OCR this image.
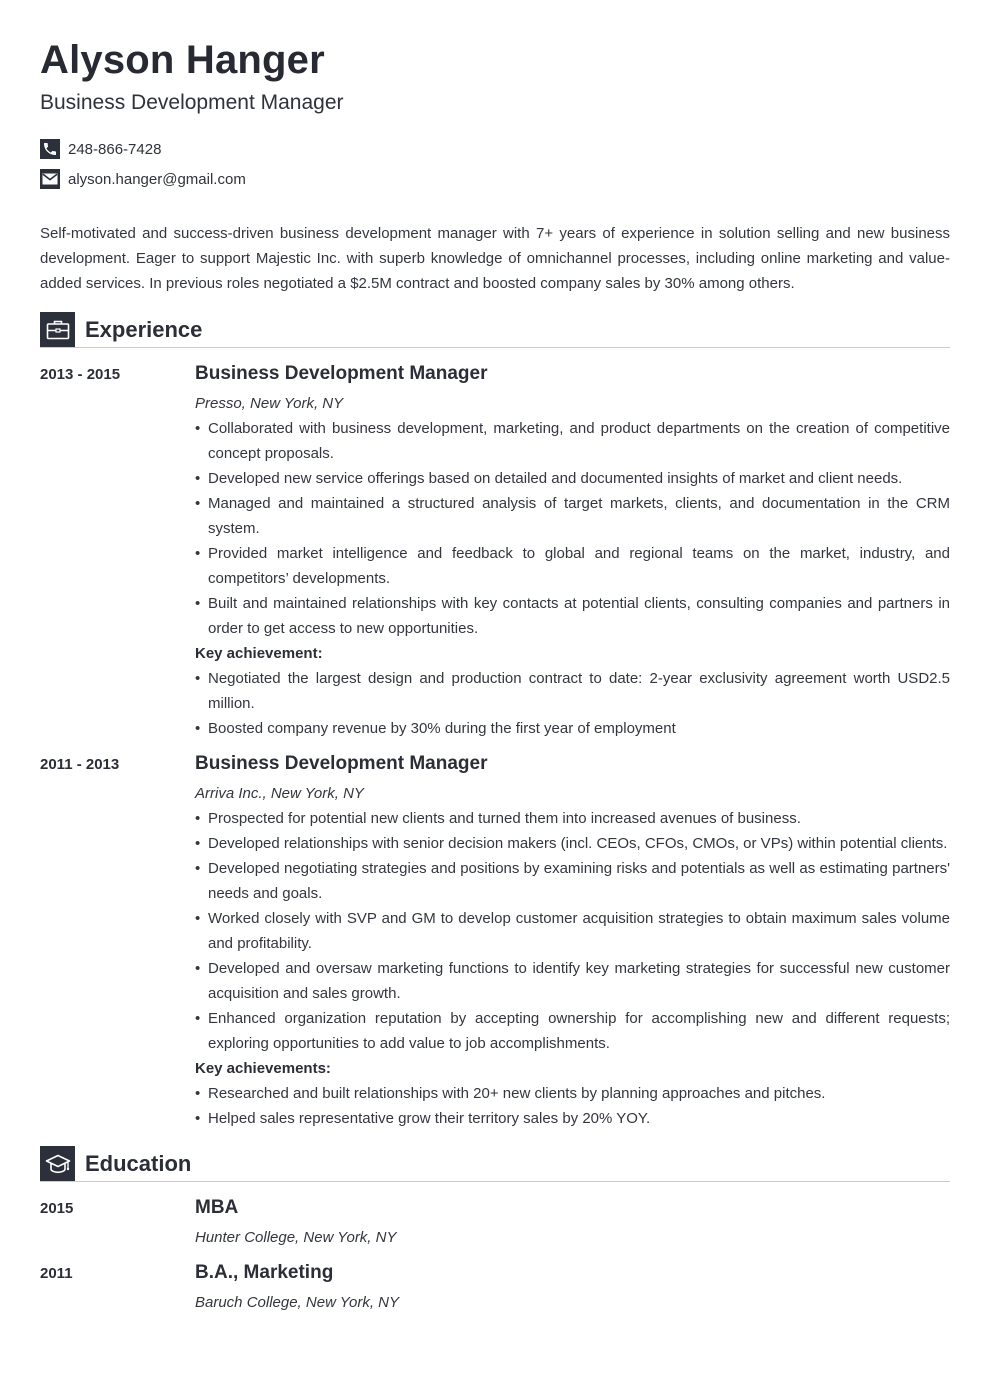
Alyson Hanger
Business Development Manager
248-866-7428
alyson.hanger@gmail.com

Self-motivated and success-driven business development manager with 7+ years of experience in solution selling and new business development. Eager to support Majestic Inc. with superb knowledge of omnichannel processes, including online marketing and value-added services. In previous roles negotiated a $2.5M contract and boosted company sales by 30% among others.

Experience
2013 - 2015	Business Development Manager
Presso, New York, NY
• Collaborated with business development, marketing, and product departments on the creation of competitive concept proposals.
• Developed new service offerings based on detailed and documented insights of market and client needs.
• Managed and maintained a structured analysis of target markets, clients, and documentation in the CRM system.
• Provided market intelligence and feedback to global and regional teams on the market, industry, and competitors’ developments.
• Built and maintained relationships with key contacts at potential clients, consulting companies and partners in order to get access to new opportunities.
Key achievement:
• Negotiated the largest design and production contract to date: 2-year exclusivity agreement worth USD2.5 million.
• Boosted company revenue by 30% during the first year of employment
2011 - 2013	Business Development Manager
Arriva Inc., New York, NY
• Prospected for potential new clients and turned them into increased avenues of business.
• Developed relationships with senior decision makers (incl. CEOs, CFOs, CMOs, or VPs) within potential clients.
• Developed negotiating strategies and positions by examining risks and potentials as well as estimating partners' needs and goals.
• Worked closely with SVP and GM to develop customer acquisition strategies to obtain maximum sales volume and profitability.
• Developed and oversaw marketing functions to identify key marketing strategies for successful new customer acquisition and sales growth.
• Enhanced organization reputation by accepting ownership for accomplishing new and different requests; exploring opportunities to add value to job accomplishments.
Key achievements:
• Researched and built relationships with 20+ new clients by planning approaches and pitches.
• Helped sales representative grow their territory sales by 20% YOY.
Education
2015	MBA
Hunter College, New York, NY
2011	B.A., Marketing
Baruch College, New York, NY
